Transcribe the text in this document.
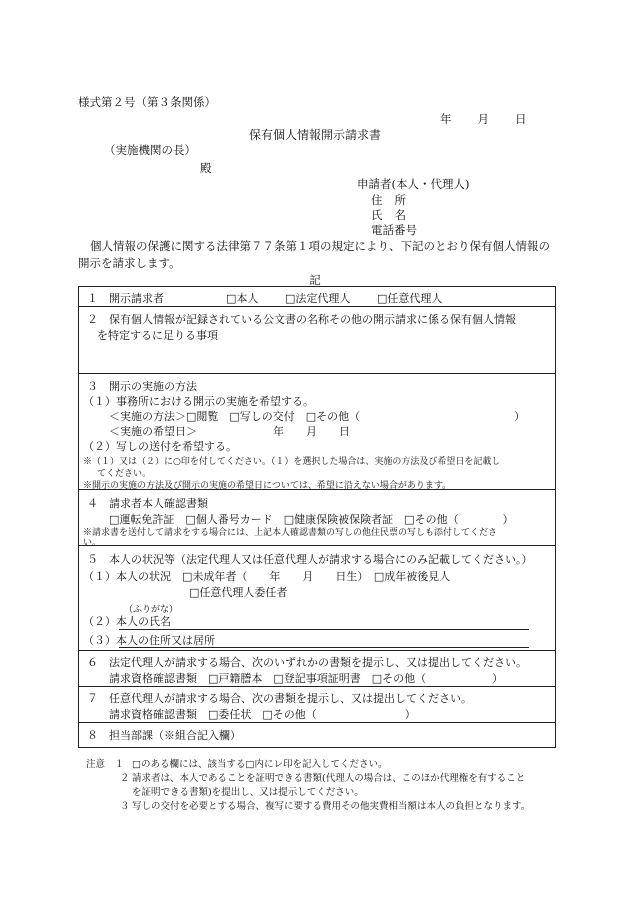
様式第２号（第３条関係）
年 月 日
保有個人情報開示請求書
（実施機関の長）
殿
申請者(本人・代理人)
住所
氏名
電話番号
個人情報の保護に関する法律第７７条第１項の規定により、下記のとおり保有個人情報の開示を請求します。
記
１　開示請求者	□本人 □法定代理人 □任意代理人
２　保有個人情報が記録されている公文書の名称その他の開示請求に係る保有個人情報
を特定するに足りる事項
３　開示の実施の方法
（１）事務所における開示の実施を希望する。
＜実施の方法＞□閲覧　□写しの交付　□その他（　　　　　　　　　　　　　　）
＜実施の希望日＞	年　　月　　日
（２）写しの送付を希望する。
※（１）又は（２）に○印を付してください。（１）を選択した場合は、実施の方法及び希望日を記載し
てください。
※開示の実施の方法及び開示の実施の希望日については、希望に沿えない場合があります。
４　請求者本人確認書類
□運転免許証　□個人番号カード　□健康保険被保険者証　□その他（　　　　）
※請求書を送付して請求をする場合には、上記本人確認書類の写しの他住民票の写しも添付してくださ
い。
５　本人の状況等（法定代理人又は任意代理人が請求する場合にのみ記載してください。）
（１）本人の状況　□未成年者（　　年　　月　　日生）　□成年被後見人
□任意代理人委任者
（ふりがな）
（２）本人の氏名
（３）本人の住所又は居所
６　法定代理人が請求する場合、次のいずれかの書類を提示し、又は提出してください。
請求資格確認書類　□戸籍謄本　□登記事項証明書　□その他（　　　　　　）
７　任意代理人が請求する場合、次の書類を提示し、又は提出してください。
請求資格確認書類　□委任状　□その他（　　　　　　　　）
８　担当部課（※組合記入欄）
注意　１ □のある欄には、該当する□内にレ印を記入してください。
２ 請求者は、本人であることを証明できる書類(代理人の場合は、このほか代理権を有すること
を証明できる書類)を提出し、又は提示してください。
３ 写しの交付を必要とする場合、複写に要する費用その他実費相当額は本人の負担となります。
